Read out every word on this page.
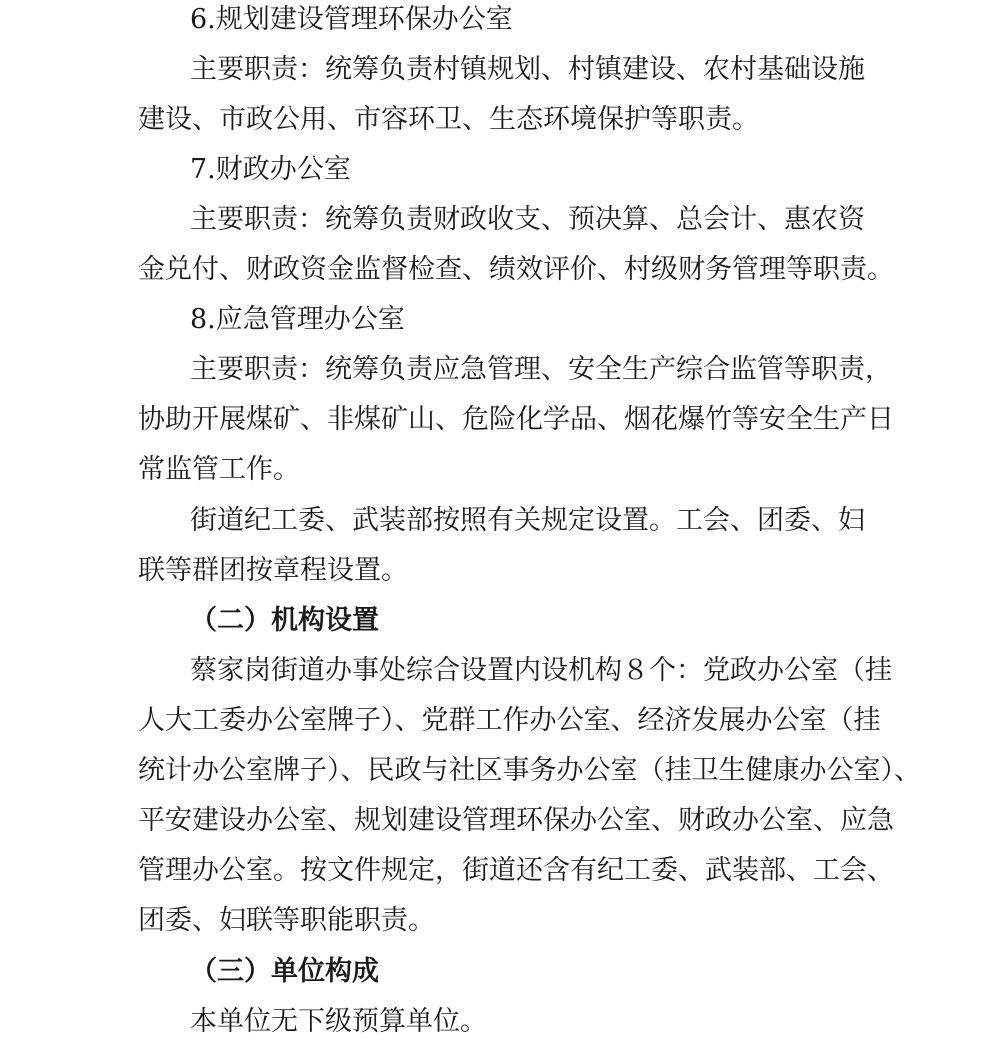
6.规划建设管理环保办公室
主要职责：统筹负责村镇规划、村镇建设、农村基础设施
建设、市政公用、市容环卫、生态环境保护等职责。
7.财政办公室
主要职责：统筹负责财政收支、预决算、总会计、惠农资
金兑付、财政资金监督检查、绩效评价、村级财务管理等职责。
8.应急管理办公室
主要职责：统筹负责应急管理、安全生产综合监管等职责，
协助开展煤矿、非煤矿山、危险化学品、烟花爆竹等安全生产日
常监管工作。
街道纪工委、武装部按照有关规定设置。工会、团委、妇
联等群团按章程设置。
（二）机构设置
蔡家岗街道办事处综合设置内设机构８个：党政办公室（挂
人大工委办公室牌子）、党群工作办公室、经济发展办公室（挂
统计办公室牌子）、民政与社区事务办公室（挂卫生健康办公室）、
平安建设办公室、规划建设管理环保办公室、财政办公室、应急
管理办公室。按文件规定，街道还含有纪工委、武装部、工会、
团委、妇联等职能职责。
（三）单位构成
本单位无下级预算单位。
